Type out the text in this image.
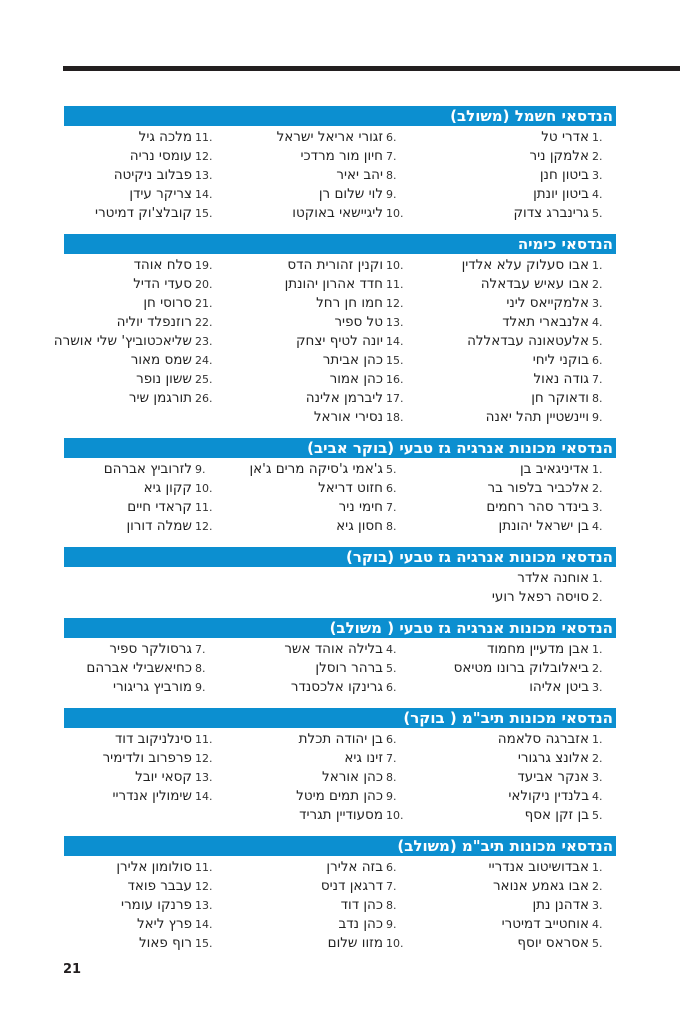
הנדסאי חשמל (משולב)
1.
אדרי טל
2.
אלמקן ניר
3.
ביטון חנן
4.
ביטון יונתן
5.
גרינברג צדוק
6.
זגורי אריאל ישראל
7.
חיון מור מרדכי
8.
יהב יאיר
9.
לוי שלום רן
10.
ליגיישאי באוקטו
11.
מלכה גיל
12.
עומסי נריה
13.
פבלוב ניקיטה
14.
צריקר עידן
15.
קובלצ'וק דמיטרי
הנדסאי כימיה
1.
אבו סעלוק עלא אלדין
2.
אבו עאיש עבדאלה
3.
אלמקייאס ליני
4.
אלנבארי תאלד
5.
אלעטאונה עבדאללה
6.
בוקני ליחי
7.
גודה נאול
8.
ודאוקר חן
9.
ויינשטיין תהל יאנה
10.
וקנין זהורית הדס
11.
חדד אהרון יהונתן
12.
חמו חן רחל
13.
טל ספיר
14.
יונה לטיף יצחק
15.
כהן אביתר
16.
כהן אמור
17.
ליברמן אלינה
18.
נסירי אוראל
19.
סלח אוהד
20.
סעדי הדיל
21.
סרוסי חן
22.
רוזנפלד יוליה
23.
שליאכטוביץ' שלי אושרה
24.
שמס מאור
25.
ששון נופר
26.
תורגמן שיר
הנדסאי מכונות אנרגיה גז טבעי (בוקר אביב)
1.
אדיניגאיב בן
2.
אלכביר בלפור בר
3.
בינדר סהר רחמים
4.
בן ישראל יהונתן
5.
ג'אמי ג'סיקה מרים ג'אן
6.
חזוט דריאל
7.
חימי ניר
8.
חסון גיא
9.
לזרוביץ אברהם
10.
קקון גיא
11.
קראדי חיים
12.
שמלה דורון
הנדסאי מכונות אנרגיה גז טבעי (בוקר)
1.
אוחנה אלדר
2.
סויסה רפאל רועי
הנדסאי מכונות אנרגיה גז טבעי ( משולב)
1.
אבן מדעיין מחמוד
2.
ביאלובלוק ברונו מטיאס
3.
ביטן אליהו
4.
בלילה אוהד אשר
5.
ברהר רוסלן
6.
גרינקו אלכסנדר
7.
גרסולקר ספיר
8.
כחיאשבילי אברהם
9.
מורביץ גריגורי
הנדסאי מכונות תיב"מ ( בוקר)
1.
אזברגה סלאמה
2.
אלונצ גרגורי
3.
אנקר אביעד
4.
בלנדין ניקולאי
5.
בן זקן אסף
6.
בן יהודה תכלת
7.
זינו גיא
8.
כהן אוראל
9.
כהן תמים מיטל
10.
מסעודיין תגריד
11.
סינלניקוב דוד
12.
פרפרוב ולדימיר
13.
קסאי יובל
14.
שימולין אנדריי
הנדסאי מכונות תיב"מ (משולב)
1.
אבדושיטוב אנדריי
2.
אבו גאמע אנואר
3.
אדהנן נתן
4.
אוחטייב דמיטרי
5.
אסראס יוסף
6.
בזה אלירן
7.
דרגאן דניס
8.
כהן דוד
9.
כהן נדב
10.
מזוו שלום
11.
סולומון אלירן
12.
עבבר פואד
13.
פרנקו עומרי
14.
פרץ ליאל
15.
רוף פאול
21
